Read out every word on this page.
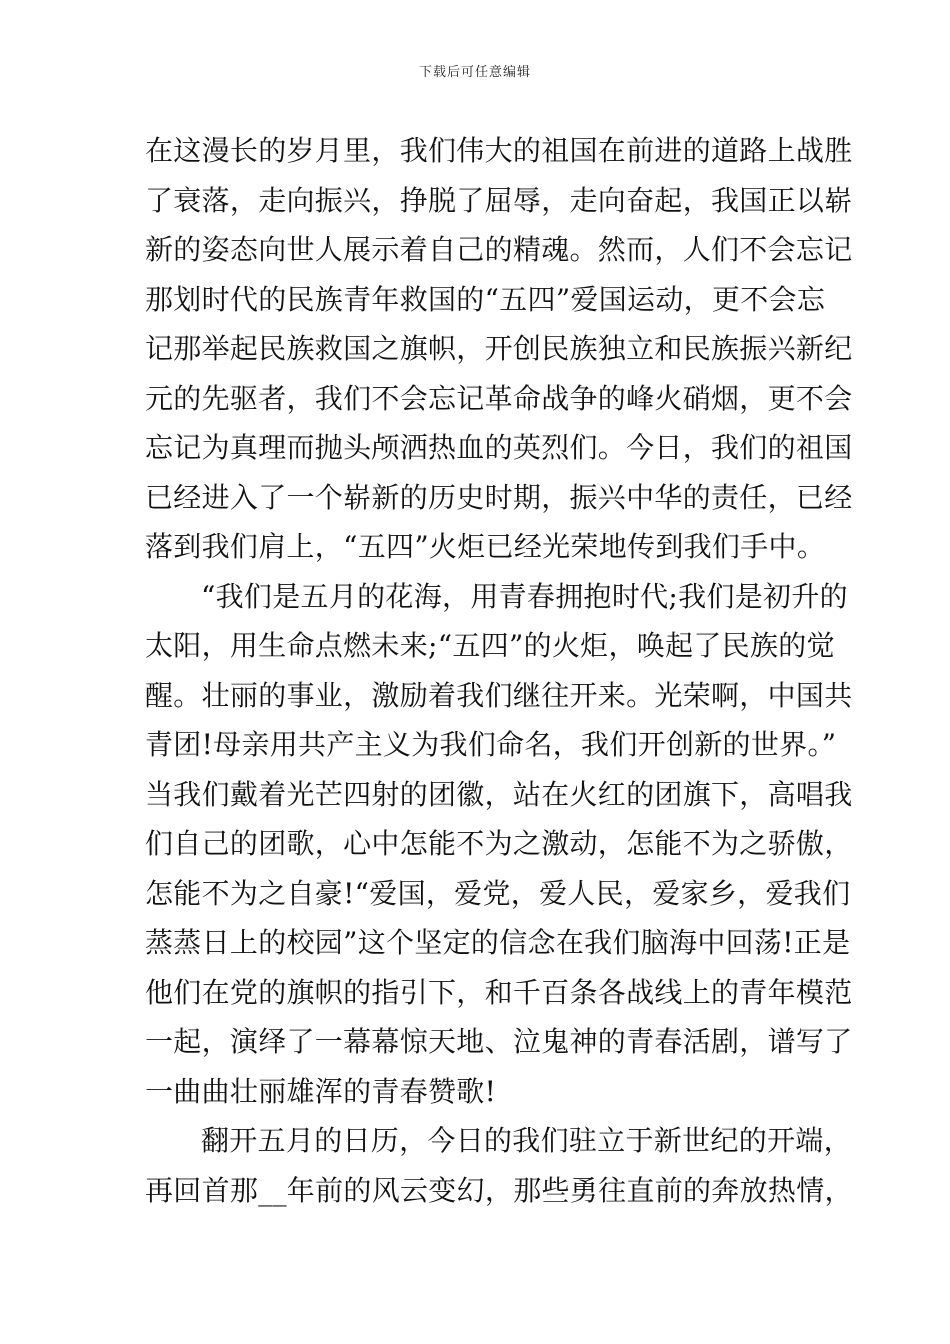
下载后可任意编辑
在这漫长的岁月里，我们伟大的祖国在前进的道路上战胜
了衰落，走向振兴，挣脱了屈辱，走向奋起，我国正以崭
新的姿态向世人展示着自己的精魂。然而，人们不会忘记
那划时代的民族青年救国的“五四”爱国运动，更不会忘
记那举起民族救国之旗帜，开创民族独立和民族振兴新纪
元的先驱者，我们不会忘记革命战争的峰火硝烟，更不会
忘记为真理而抛头颅洒热血的英烈们。今日，我们的祖国
已经进入了一个崭新的历史时期，振兴中华的责任，已经
落到我们肩上，“五四”火炬已经光荣地传到我们手中。
“我们是五月的花海，用青春拥抱时代;我们是初升的
太阳，用生命点燃未来;“五四”的火炬，唤起了民族的觉
醒。壮丽的事业，激励着我们继往开来。光荣啊，中国共
青团!母亲用共产主义为我们命名，我们开创新的世界。”
当我们戴着光芒四射的团徽，站在火红的团旗下，高唱我
们自己的团歌，心中怎能不为之激动，怎能不为之骄傲，
怎能不为之自豪!“爱国，爱党，爱人民，爱家乡，爱我们
蒸蒸日上的校园”这个坚定的信念在我们脑海中回荡!正是
他们在党的旗帜的指引下，和千百条各战线上的青年模范
一起，演绎了一幕幕惊天地、泣鬼神的青春活剧，谱写了
一曲曲壮丽雄浑的青春赞歌!
翻开五月的日历，今日的我们驻立于新世纪的开端，
再回首那__年前的风云变幻，那些勇往直前的奔放热情，
